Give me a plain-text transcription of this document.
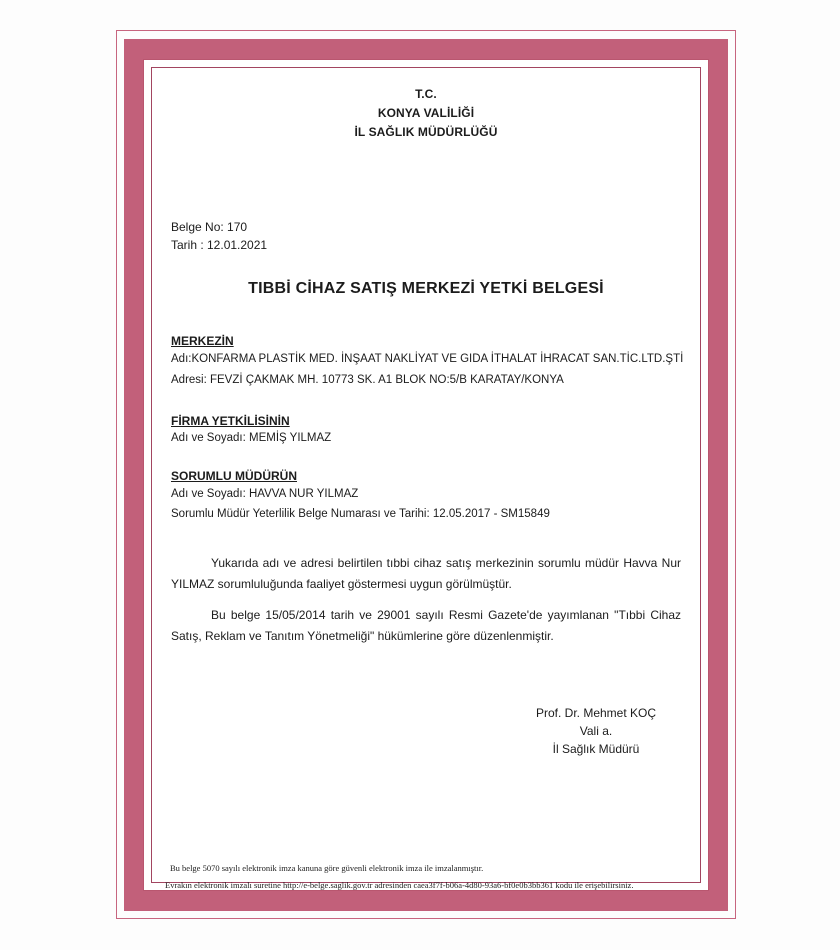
T.C.
KONYA VALİLİĞİ
İL SAĞLIK MÜDÜRLÜĞÜ
Belge No: 170
Tarih : 12.01.2021
TIBBİ CİHAZ SATIŞ MERKEZİ YETKİ BELGESİ
MERKEZİN
Adı:KONFARMA PLASTİK MED. İNŞAAT NAKLİYAT VE GIDA İTHALAT İHRACAT SAN.TİC.LTD.ŞTİ
Adresi: FEVZİ ÇAKMAK MH. 10773 SK. A1 BLOK NO:5/B KARATAY/KONYA
FİRMA YETKİLİSİNİN
Adı ve Soyadı: MEMİŞ YILMAZ
SORUMLU MÜDÜRÜN
Adı ve Soyadı: HAVVA NUR YILMAZ
Sorumlu Müdür Yeterlilik Belge Numarası ve Tarihi: 12.05.2017 - SM15849
Yukarıda adı ve adresi belirtilen tıbbi cihaz satış merkezinin sorumlu müdür Havva Nur YILMAZ sorumluluğunda faaliyet göstermesi uygun görülmüştür.
Bu belge 15/05/2014 tarih ve 29001 sayılı Resmi Gazete'de yayımlanan "Tıbbi Cihaz Satış, Reklam ve Tanıtım Yönetmeliği" hükümlerine göre düzenlenmiştir.
Prof. Dr. Mehmet KOÇ
Vali a.
İl Sağlık Müdürü
Bu belge 5070 sayılı elektronik imza kanuna göre güvenli elektronik imza ile imzalanmıştır.
Evrakın elektronik imzalı suretine http://e-belge.saglik.gov.tr adresinden caea3f7f-b06a-4d80-93a6-bf0e0b3bb361 kodu ile erişebilirsiniz.
